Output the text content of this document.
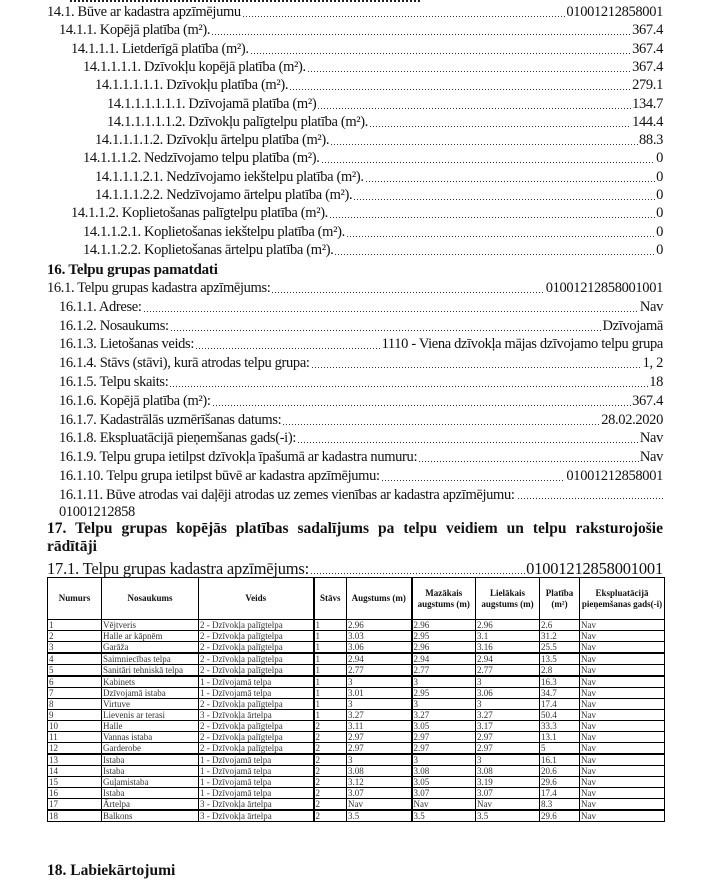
14.1. Būve ar kadastra apzīmējumu	01001212858001
14.1.1. Kopējā platība (m²).	367.4
14.1.1.1. Lietderīgā platība (m²).	367.4
14.1.1.1.1. Dzīvokļu kopējā platība (m²).	367.4
14.1.1.1.1.1. Dzīvokļu platība (m²).	279.1
14.1.1.1.1.1.1. Dzīvojamā platība (m²)	134.7
14.1.1.1.1.1.2. Dzīvokļu palīgtelpu platība (m²).	144.4
14.1.1.1.1.2. Dzīvokļu ārtelpu platība (m²).	88.3
14.1.1.1.2. Nedzīvojamo telpu platība (m²).	0
14.1.1.1.2.1. Nedzīvojamo iekštelpu platība (m²).	0
14.1.1.1.2.2. Nedzīvojamo ārtelpu platība (m²).	0
14.1.1.2. Koplietošanas palīgtelpu platība (m²).	0
14.1.1.2.1. Koplietošanas iekštelpu platība (m²).	0
14.1.1.2.2. Koplietošanas ārtelpu platība (m²).	0
16.1. Telpu grupas kadastra apzīmējums:	01001212858001001
16.1.1. Adrese:	Nav
16.1.2. Nosaukums:	Dzīvojamā
16.1.3. Lietošanas veids:	1110 - Viena dzīvokļa mājas dzīvojamo telpu grupa
16.1.4. Stāvs (stāvi), kurā atrodas telpu grupa:	1, 2
16.1.5. Telpu skaits:	18
16.1.6. Kopējā platība (m²):	367.4
16.1.7. Kadastrālās uzmērīšanas datums:	28.02.2020
16.1.8. Ekspluatācijā pieņemšanas gads(-i):	Nav
16.1.9. Telpu grupa ietilpst dzīvokļa īpašumā ar kadastra numuru:	Nav
16.1.10. Telpu grupa ietilpst būvē ar kadastra apzīmējumu:	01001212858001
16. Telpu grupas pamatdati
16.1.11. Būve atrodas vai daļēji atrodas uz zemes vienības ar kadastra apzīmējumu:
01001212858
17. Telpu grupas kopējās platības sadalījums pa telpu veidiem un telpu raksturojošie rādītāji
17.1. Telpu grupas kadastra apzīmējums:	01001212858001001
Numurs	Nosaukums	Veids	Stāvs	Augstums (m)	Mazākais augstums (m)	Lielākais augstums (m)	Platība (m²)	Ekspluatācijā pieņemšanas gads(-i)
1	Vējtveris	2 - Dzīvokļa palīgtelpa	1	2.96	2.96	2.96	2.6	Nav
2	Halle ar kāpnēm	2 - Dzīvokļa palīgtelpa	1	3.03	2.95	3.1	31.2	Nav
3	Garāža	2 - Dzīvokļa palīgtelpa	1	3.06	2.96	3.16	25.5	Nav
4	Saimniecības telpa	2 - Dzīvokļa palīgtelpa	1	2.94	2.94	2.94	13.5	Nav
5	Sanitāri tehniskā telpa	2 - Dzīvokļa palīgtelpa	1	2.77	2.77	2.77	2.8	Nav
6	Kabinets	1 - Dzīvojamā telpa	1	3	3	3	16.3	Nav
7	Dzīvojamā istaba	1 - Dzīvojamā telpa	1	3.01	2.95	3.06	34.7	Nav
8	Virtuve	2 - Dzīvokļa palīgtelpa	1	3	3	3	17.4	Nav
9	Lievenis ar terasi	3 - Dzīvokļa ārtelpa	1	3.27	3.27	3.27	50.4	Nav
10	Halle	2 - Dzīvokļa palīgtelpa	2	3.11	3.05	3.17	33.3	Nav
11	Vannas istaba	2 - Dzīvokļa palīgtelpa	2	2.97	2.97	2.97	13.1	Nav
12	Garderobe	2 - Dzīvokļa palīgtelpa	2	2.97	2.97	2.97	5	Nav
13	Istaba	1 - Dzīvojamā telpa	2	3	3	3	16.1	Nav
14	Istaba	1 - Dzīvojamā telpa	2	3.08	3.08	3.08	20.6	Nav
15	Guļamistaba	1 - Dzīvojamā telpa	2	3.12	3.05	3.19	29.6	Nav
16	Istaba	1 - Dzīvojamā telpa	2	3.07	3.07	3.07	17.4	Nav
17	Ārtelpa	3 - Dzīvokļa ārtelpa	2	Nav	Nav	Nav	8.3	Nav
18	Balkons	3 - Dzīvokļa ārtelpa	2	3.5	3.5	3.5	29.6	Nav
18. Labiekārtojumi
